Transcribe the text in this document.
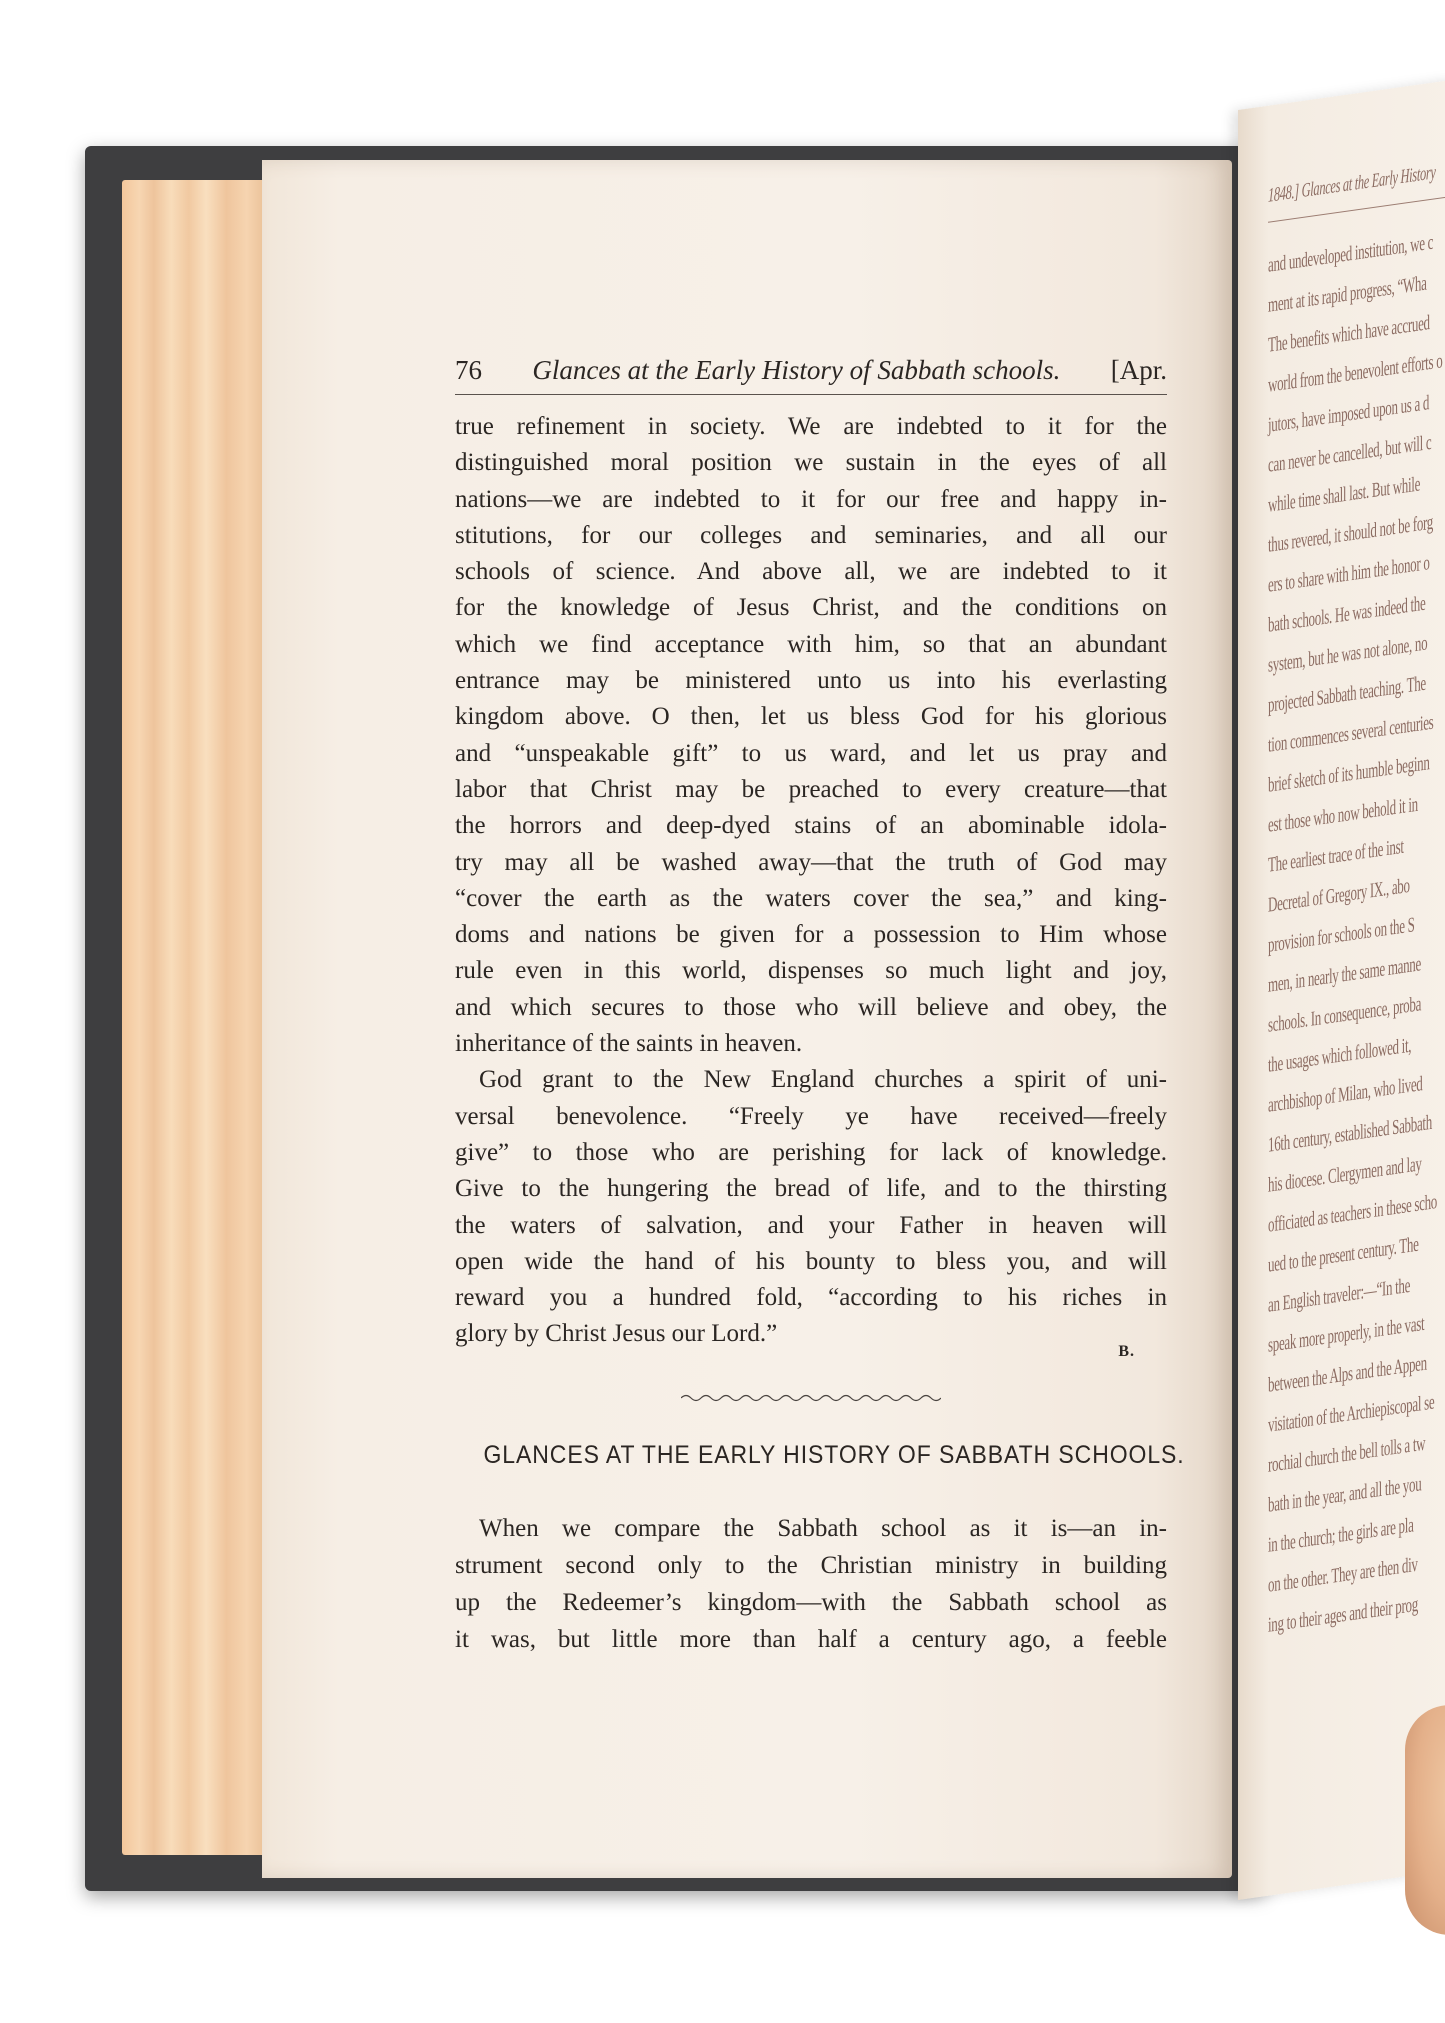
1848.] Glances at the Early History
and undeveloped institution, we c
ment at its rapid progress, “Wha
The benefits which have accrued
world from the benevolent efforts o
jutors, have imposed upon us a d
can never be cancelled, but will c
while time shall last. But while
thus revered, it should not be forg
ers to share with him the honor o
bath schools. He was indeed the
system, but he was not alone, no
projected Sabbath teaching. The
tion commences several centuries
brief sketch of its humble beginn
est those who now behold it in
The earliest trace of the inst
Decretal of Gregory IX., abo
provision for schools on the S
men, in nearly the same manne
schools. In consequence, proba
the usages which followed it,
archbishop of Milan, who lived
16th century, established Sabbath
his diocese. Clergymen and lay
officiated as teachers in these scho
ued to the present century. The
an English traveler:—“In the
speak more properly, in the vast
between the Alps and the Appen
visitation of the Archiepiscopal se
rochial church the bell tolls a tw
bath in the year, and all the you
in the church; the girls are pla
on the other. They are then div
ing to their ages and their prog
76 Glances at the Early History of Sabbath schools. [Apr.
true refinement in society. We are indebted to it for the
distinguished moral position we sustain in the eyes of all
nations—we are indebted to it for our free and happy in-
stitutions, for our colleges and seminaries, and all our
schools of science. And above all, we are indebted to it
for the knowledge of Jesus Christ, and the conditions on
which we find acceptance with him, so that an abundant
entrance may be ministered unto us into his everlasting
kingdom above. O then, let us bless God for his glorious
and “unspeakable gift” to us ward, and let us pray and
labor that Christ may be preached to every creature—that
the horrors and deep-dyed stains of an abominable idola-
try may all be washed away—that the truth of God may
“cover the earth as the waters cover the sea,” and king-
doms and nations be given for a possession to Him whose
rule even in this world, dispenses so much light and joy,
and which secures to those who will believe and obey, the
inheritance of the saints in heaven.
God grant to the New England churches a spirit of uni-
versal benevolence. “Freely ye have received—freely
give” to those who are perishing for lack of knowledge.
Give to the hungering the bread of life, and to the thirsting
the waters of salvation, and your Father in heaven will
open wide the hand of his bounty to bless you, and will
reward you a hundred fold, “according to his riches in
glory by Christ Jesus our Lord.”
B.
GLANCES AT THE EARLY HISTORY OF SABBATH SCHOOLS.
When we compare the Sabbath school as it is—an in-
strument second only to the Christian ministry in building
up the Redeemer’s kingdom—with the Sabbath school as
it was, but little more than half a century ago, a feeble
